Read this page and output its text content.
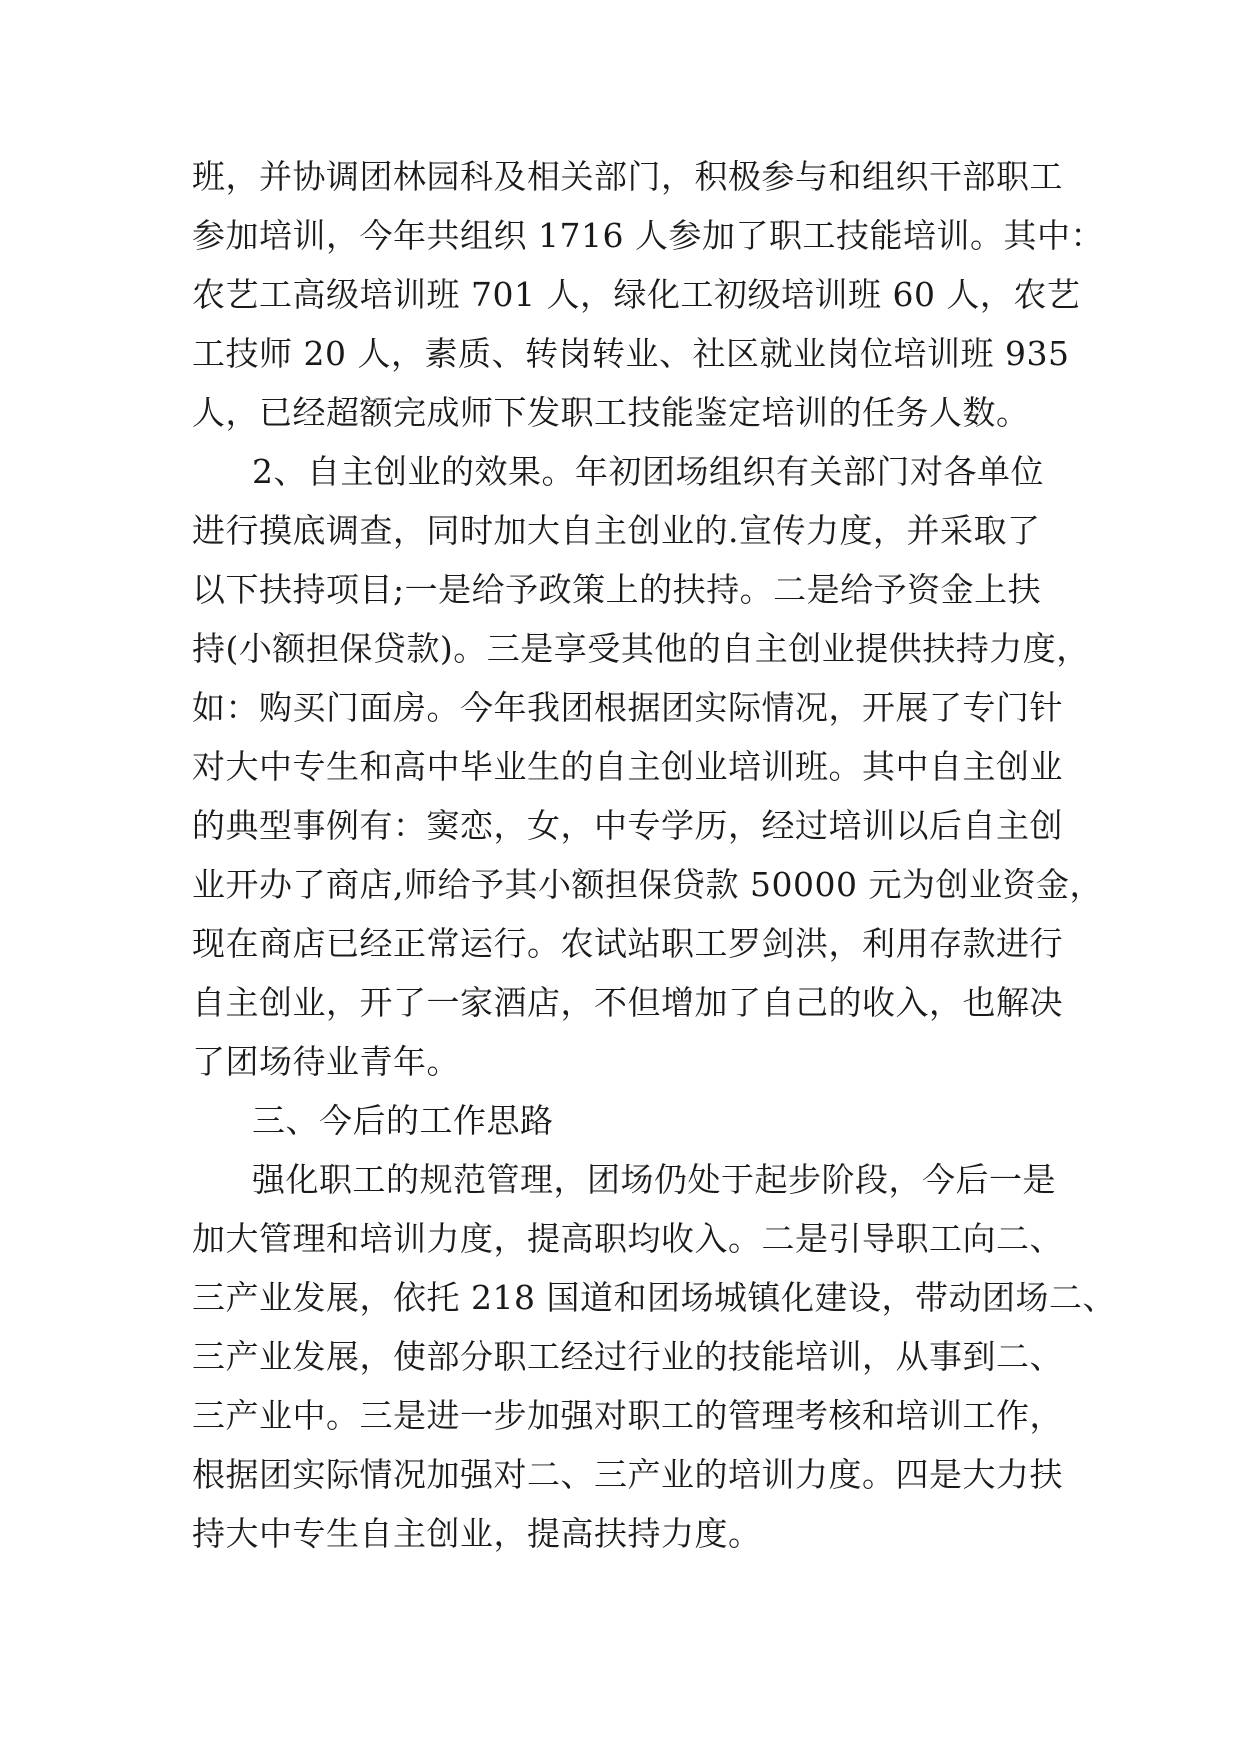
班，并协调团林园科及相关部门，积极参与和组织干部职工
参加培训，今年共组织 1716 人参加了职工技能培训。其中：
农艺工高级培训班 701 人，绿化工初级培训班 60 人，农艺
工技师 20 人，素质、转岗转业、社区就业岗位培训班 935
人，已经超额完成师下发职工技能鉴定培训的任务人数。
2、自主创业的效果。年初团场组织有关部门对各单位
进行摸底调查，同时加大自主创业的.宣传力度，并采取了
以下扶持项目;一是给予政策上的扶持。二是给予资金上扶
持(小额担保贷款)。三是享受其他的自主创业提供扶持力度，
如：购买门面房。今年我团根据团实际情况，开展了专门针
对大中专生和高中毕业生的自主创业培训班。其中自主创业
的典型事例有：窦恋，女，中专学历，经过培训以后自主创
业开办了商店,师给予其小额担保贷款 50000 元为创业资金，
现在商店已经正常运行。农试站职工罗剑洪，利用存款进行
自主创业，开了一家酒店，不但增加了自己的收入，也解决
了团场待业青年。
三、今后的工作思路
强化职工的规范管理，团场仍处于起步阶段，今后一是
加大管理和培训力度，提高职均收入。二是引导职工向二、
三产业发展，依托 218 国道和团场城镇化建设，带动团场二、
三产业发展，使部分职工经过行业的技能培训，从事到二、
三产业中。三是进一步加强对职工的管理考核和培训工作，
根据团实际情况加强对二、三产业的培训力度。四是大力扶
持大中专生自主创业，提高扶持力度。
